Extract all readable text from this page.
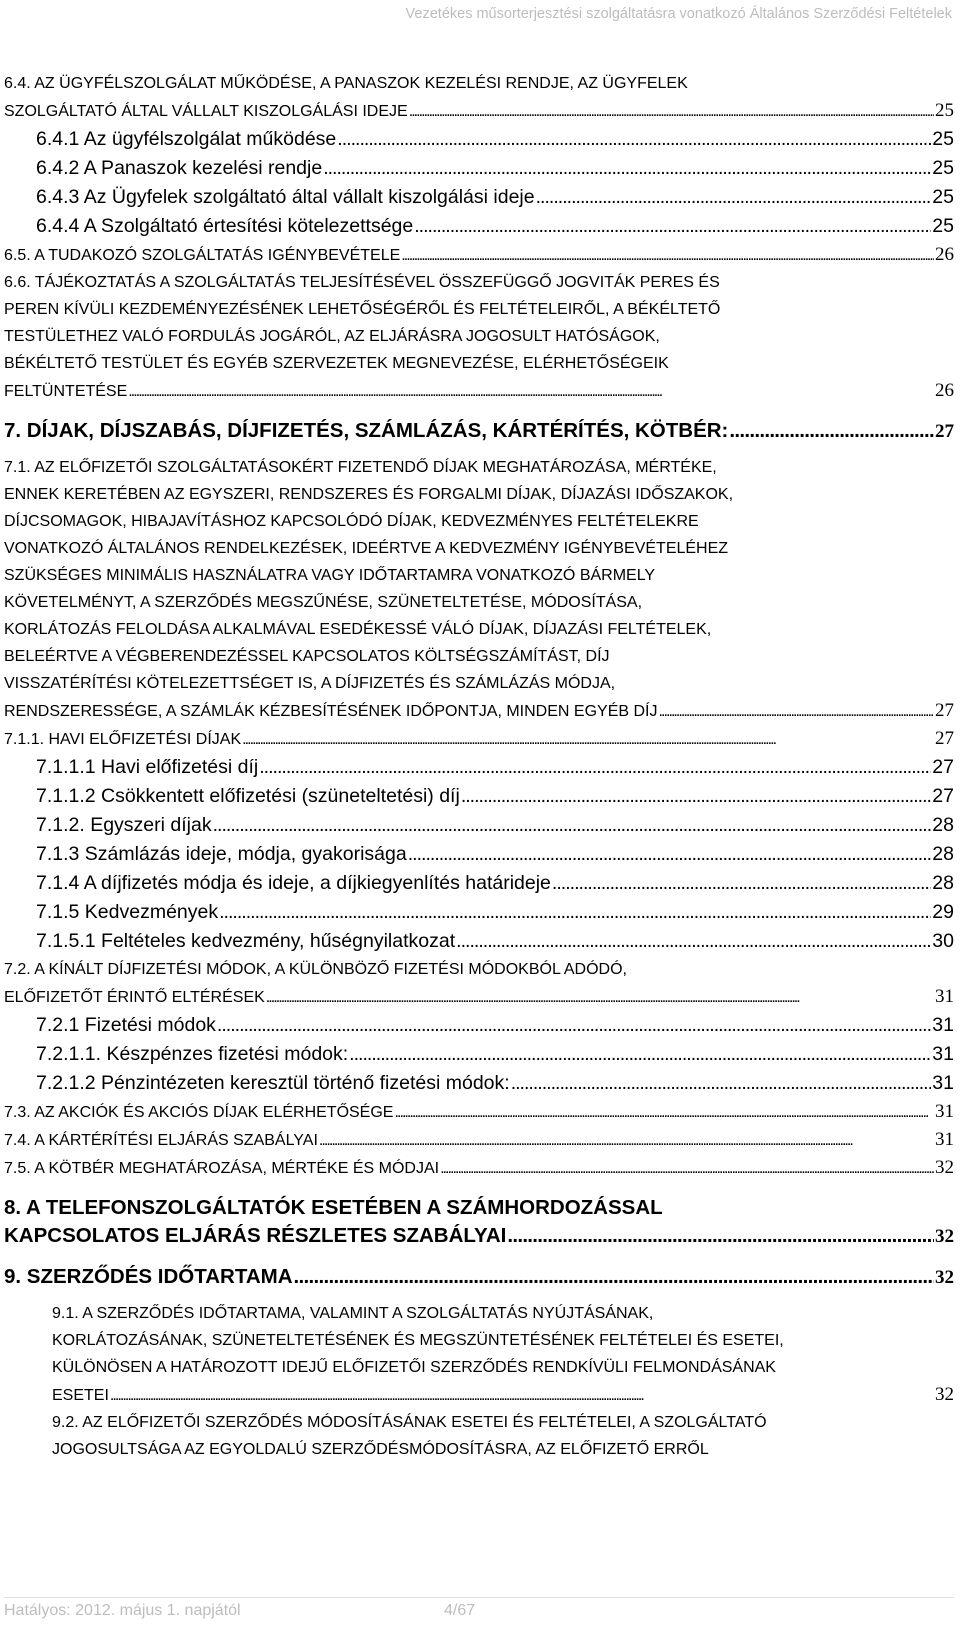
Vezetékes műsorterjesztési szolgáltatásra vonatkozó Általános Szerződési Feltételek
6.4. AZ ÜGYFÉLSZOLGÁLAT MŰKÖDÉSE, A PANASZOK KEZELÉSI RENDJE, AZ ÜGYFELEK
SZOLGÁLTATÓ ÁLTAL VÁLLALT KISZOLGÁLÁSI IDEJE . . .	25
6.4.1 Az ügyfélszolgálat működése . . .	25
6.4.2 A Panaszok kezelési rendje . . .	25
6.4.3 Az Ügyfelek szolgáltató által vállalt kiszolgálási ideje . . .	25
6.4.4 A Szolgáltató értesítési kötelezettsége . . .	25
6.5. A TUDAKOZÓ SZOLGÁLTATÁS IGÉNYBEVÉTELE . . .	26
6.6. TÁJÉKOZTATÁS A SZOLGÁLTATÁS TELJESÍTÉSÉVEL ÖSSZEFÜGGŐ JOGVITÁK PERES ÉS
PEREN KÍVÜLI KEZDEMÉNYEZÉSÉNEK LEHETŐSÉGÉRŐL ÉS FELTÉTELEIRŐL, A BÉKÉLTETŐ
TESTÜLETHEZ VALÓ FORDULÁS JOGÁRÓL, AZ ELJÁRÁSRA JOGOSULT HATÓSÁGOK,
BÉKÉLTETŐ TESTÜLET ÉS EGYÉB SZERVEZETEK MEGNEVEZÉSE, ELÉRHETŐSÉGEIK
FELTÜNTETÉSE . . .	26
7. DÍJAK, DÍJSZABÁS, DÍJFIZETÉS, SZÁMLÁZÁS, KÁRTÉRÍTÉS, KÖTBÉR: . . .	27
7.1. AZ ELŐFIZETŐI SZOLGÁLTATÁSOKÉRT FIZETENDŐ DÍJAK MEGHATÁROZÁSA, MÉRTÉKE,
ENNEK KERETÉBEN AZ EGYSZERI, RENDSZERES ÉS FORGALMI DÍJAK, DÍJAZÁSI IDŐSZAKOK,
DÍJCSOMAGOK, HIBAJAVÍTÁSHOZ KAPCSOLÓDÓ DÍJAK, KEDVEZMÉNYES FELTÉTELEKRE
VONATKOZÓ ÁLTALÁNOS RENDELKEZÉSEK, IDEÉRTVE A KEDVEZMÉNY IGÉNYBEVÉTELÉHEZ
SZÜKSÉGES MINIMÁLIS HASZNÁLATRA VAGY IDŐTARTAMRA VONATKOZÓ BÁRMELY
KÖVETELMÉNYT, A SZERZŐDÉS MEGSZŰNÉSE, SZÜNETELTETÉSE, MÓDOSÍTÁSA,
KORLÁTOZÁS FELOLDÁSA ALKALMÁVAL ESEDÉKESSÉ VÁLÓ DÍJAK, DÍJAZÁSI FELTÉTELEK,
BELEÉRTVE A VÉGBERENDEZÉSSEL KAPCSOLATOS KÖLTSÉGSZÁMÍTÁST, DÍJ
VISSZATÉRÍTÉSI KÖTELEZETTSÉGET IS, A DÍJFIZETÉS ÉS SZÁMLÁZÁS MÓDJA,
RENDSZERESSÉGE, A SZÁMLÁK KÉZBESÍTÉSÉNEK IDŐPONTJA, MINDEN EGYÉB DÍJ . . .	27
7.1.1. HAVI ELŐFIZETÉSI DÍJAK . . .	27
7.1.1.1 Havi előfizetési díj . . .	27
7.1.1.2 Csökkentett előfizetési (szüneteltetési) díj . . .	27
7.1.2. Egyszeri díjak . . .	28
7.1.3 Számlázás ideje, módja, gyakorisága . . .	28
7.1.4 A díjfizetés módja és ideje, a díjkiegyenlítés határideje . . .	28
7.1.5 Kedvezmények . . .	29
7.1.5.1 Feltételes kedvezmény, hűségnyilatkozat . . .	30
7.2. A KÍNÁLT DÍJFIZETÉSI MÓDOK, A KÜLÖNBÖZŐ FIZETÉSI MÓDOKBÓL ADÓDÓ,
ELŐFIZETŐT ÉRINTŐ ELTÉRÉSEK . . .	31
7.2.1 Fizetési módok . . .	31
7.2.1.1. Készpénzes fizetési módok: . . .	31
7.2.1.2 Pénzintézeten keresztül történő fizetési módok: . . .	31
7.3. AZ AKCIÓK ÉS AKCIÓS DÍJAK ELÉRHETŐSÉGE . . .	31
7.4. A KÁRTÉRÍTÉSI ELJÁRÁS SZABÁLYAI . . .	31
7.5. A KÖTBÉR MEGHATÁROZÁSA, MÉRTÉKE ÉS MÓDJAI . . .	32
8. A TELEFONSZOLGÁLTATÓK ESETÉBEN A SZÁMHORDOZÁSSAL
KAPCSOLATOS ELJÁRÁS RÉSZLETES SZABÁLYAI . . .	32
9. SZERZŐDÉS IDŐTARTAMA . . .	32
9.1. A SZERZŐDÉS IDŐTARTAMA, VALAMINT A SZOLGÁLTATÁS NYÚJTÁSÁNAK,
KORLÁTOZÁSÁNAK, SZÜNETELTETÉSÉNEK ÉS MEGSZÜNTETÉSÉNEK FELTÉTELEI ÉS ESETEI,
KÜLÖNÖSEN A HATÁROZOTT IDEJŰ ELŐFIZETŐI SZERZŐDÉS RENDKÍVÜLI FELMONDÁSÁNAK
ESETEI . . .	32
9.2. AZ ELŐFIZETŐI SZERZŐDÉS MÓDOSÍTÁSÁNAK ESETEI ÉS FELTÉTELEI, A SZOLGÁLTATÓ
JOGOSULTSÁGA AZ EGYOLDALÚ SZERZŐDÉSMÓDOSÍTÁSRA, AZ ELŐFIZETŐ ERRŐL
Hatályos: 2012. május 1. napjától	4/67
